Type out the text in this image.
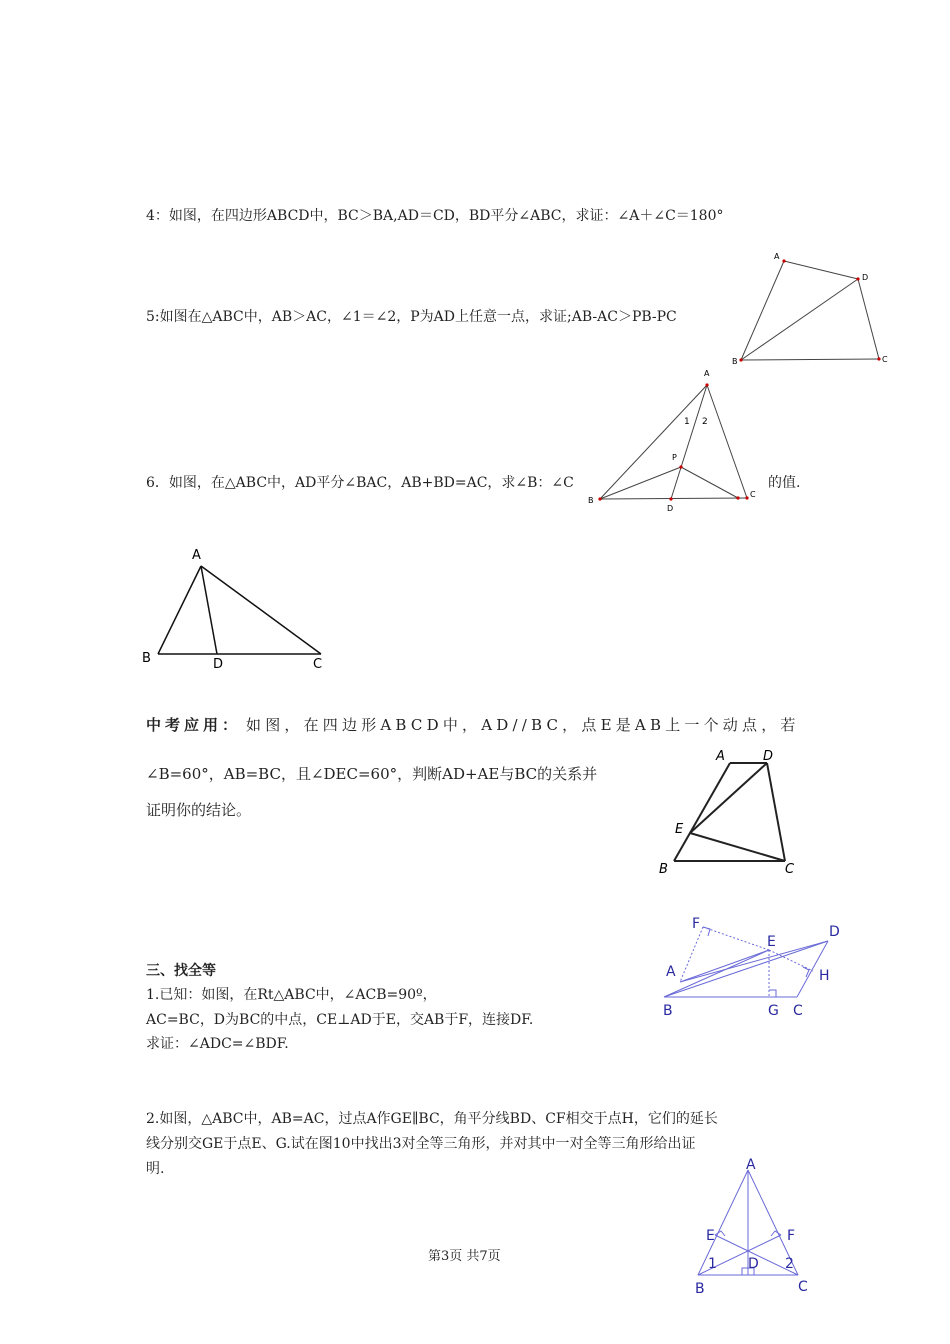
4：如图，在四边形ABCD中，BC＞BA,AD＝CD，BD平分∠ABC，求证：∠A＋∠C＝180°
A
D
B	C
5:如图在△ABC中，AB＞AC，∠1＝∠2，P为AD上任意一点，求证;AB-AC＞PB-PC
A
1 2
P
B
D
C
6．如图，在△ABC中，AD平分∠BAC，AB+BD=AC，求∠B：∠C	的值.
A
B	D	C
中考应用： 如图，在四边形ABCD中，AD//BC，点E是AB上一个动点，若
∠B=60°，AB=BC，且∠DEC=60°，判断AD+AE与BC的关系并
证明你的结论。
A	D
E
B	C
三、找全等
1.已知：如图，在Rt△ABC中，∠ACB=90º，
AC=BC，D为BC的中点，CE⊥AD于E，交AB于F，连接DF.
求证：∠ADC=∠BDF.
F
E
D
A	H
B	G C
2.如图，△ABC中，AB=AC，过点A作GE∥BC，角平分线BD、CF相交于点H，它们的延长
线分别交GE于点E、G.试在图10中找出3对全等三角形，并对其中一对全等三角形给出证
明.	A
E	F
1 D 2
B	C
第3页 共7页
